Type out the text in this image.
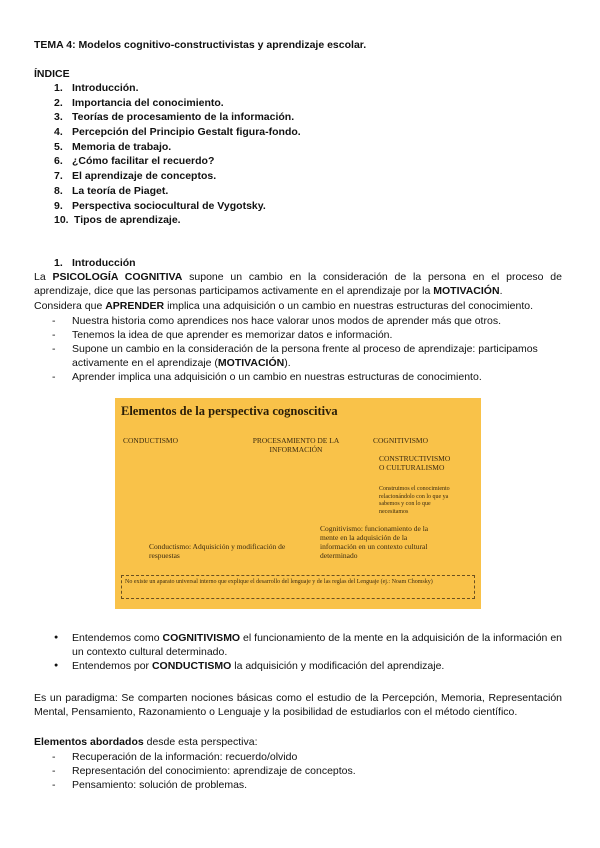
TEMA 4: Modelos cognitivo-constructivistas y aprendizaje escolar.
ÍNDICE
1. Introducción.
2. Importancia del conocimiento.
3. Teorías de procesamiento de la información.
4. Percepción del Principio Gestalt figura-fondo.
5. Memoria de trabajo.
6. ¿Cómo facilitar el recuerdo?
7. El aprendizaje de conceptos.
8. La teoría de Piaget.
9. Perspectiva sociocultural de Vygotsky.
10. Tipos de aprendizaje.
1. Introducción
La PSICOLOGÍA COGNITIVA supone un cambio en la consideración de la persona en el proceso de aprendizaje, dice que las personas participamos activamente en el aprendizaje por la MOTIVACIÓN.
Considera que APRENDER implica una adquisición o un cambio en nuestras estructuras del conocimiento.
- Nuestra historia como aprendices nos hace valorar unos modos de aprender más que otros.
- Tenemos la idea de que aprender es memorizar datos e información.
- Supone un cambio en la consideración de la persona frente al proceso de aprendizaje: participamos activamente en el aprendizaje (MOTIVACIÓN).
- Aprender implica una adquisición o un cambio en nuestras estructuras de conocimiento.
Elementos de la perspectiva cognoscitiva
CONDUCTISMO	PROCESAMIENTO DE LA INFORMACIÓN
COGNITIVISMO
CONSTRUCTIVISMO O CULTURALISMO
Construimos el conocimiento relacionándolo con lo que ya sabemos y con lo que necesitamos
Cognitivismo: funcionamiento de la mente en la adquisición de la información en un contexto cultural determinado
Conductismo: Adquisición y modificación de respuestas
No existe un aparato universal interno que explique el desarrollo del lenguaje y de las reglas del Lenguaje (ej.: Noam Chomsky)
● Entendemos como COGNITIVISMO el funcionamiento de la mente en la adquisición de la información en un contexto cultural determinado.
● Entendemos por CONDUCTISMO la adquisición y modificación del aprendizaje.
Es un paradigma: Se comparten nociones básicas como el estudio de la Percepción, Memoria, Representación Mental, Pensamiento, Razonamiento o Lenguaje y la posibilidad de estudiarlos con el método científico.
Elementos abordados desde esta perspectiva:
- Recuperación de la información: recuerdo/olvido
- Representación del conocimiento: aprendizaje de conceptos.
- Pensamiento: solución de problemas.
